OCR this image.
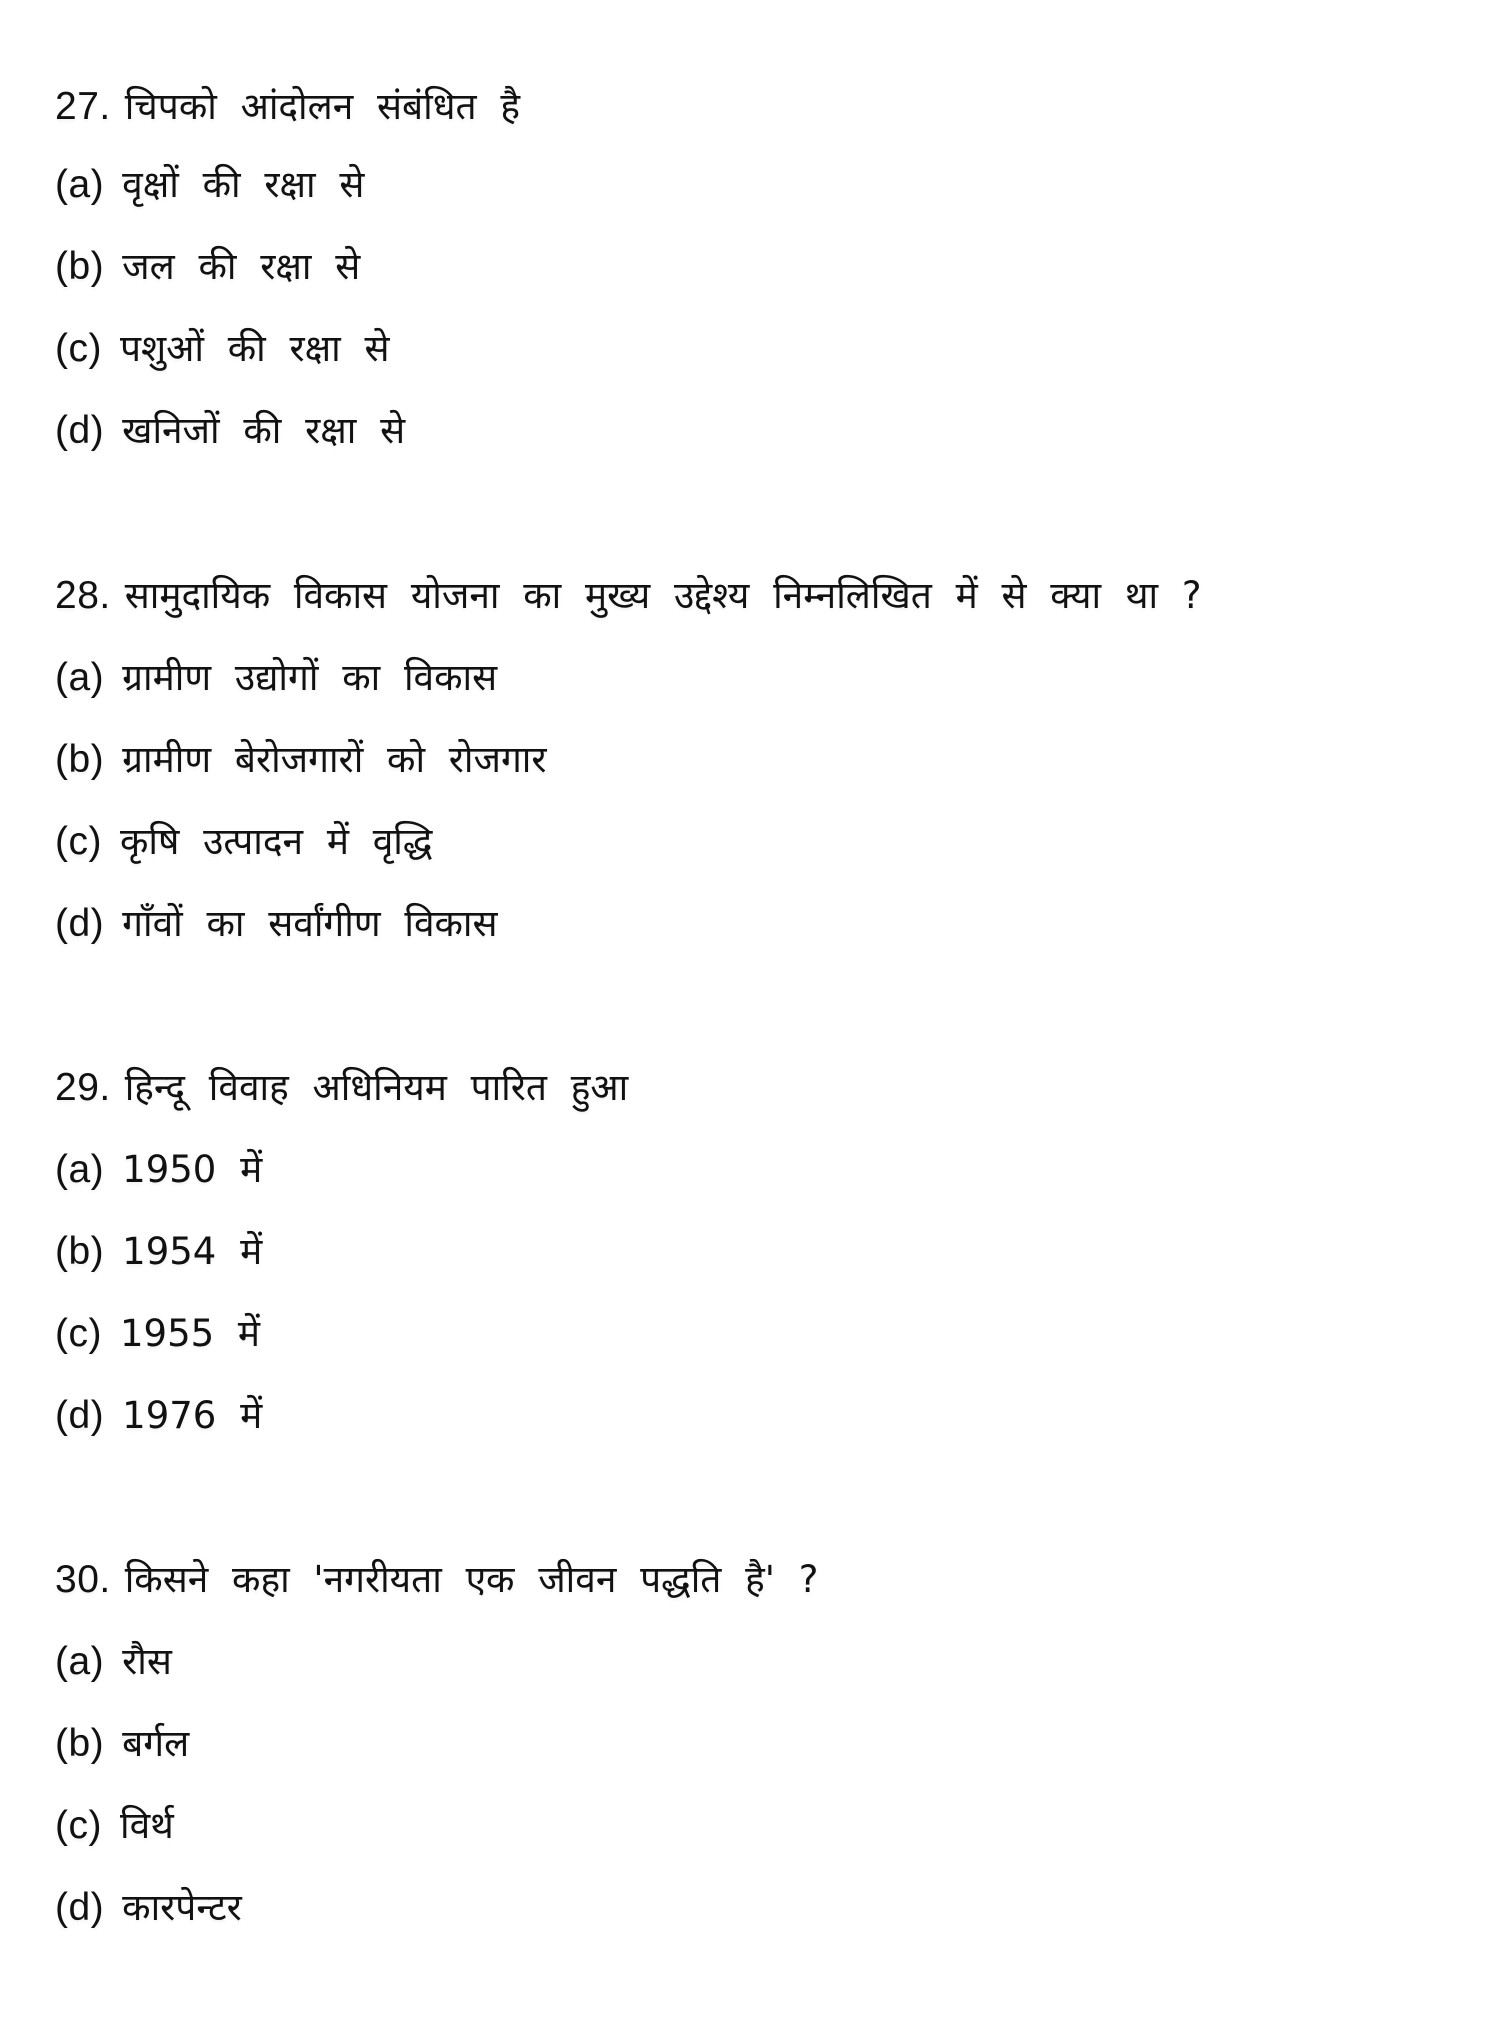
27. चिपको आंदोलन संबंधित है
(a) वृक्षों की रक्षा से
(b) जल की रक्षा से
(c) पशुओं की रक्षा से
(d) खनिजों की रक्षा से
28. सामुदायिक विकास योजना का मुख्य उद्देश्य निम्नलिखित में से क्या था ?
(a) ग्रामीण उद्योगों का विकास
(b) ग्रामीण बेरोजगारों को रोजगार
(c) कृषि उत्पादन में वृद्धि
(d) गाँवों का सर्वांगीण विकास
29. हिन्दू विवाह अधिनियम पारित हुआ
(a) 1950 में
(b) 1954 में
(c) 1955 में
(d) 1976 में
30. किसने कहा 'नगरीयता एक जीवन पद्धति है' ?
(a) रौस
(b) बर्गल
(c) विर्थ
(d) कारपेन्टर
